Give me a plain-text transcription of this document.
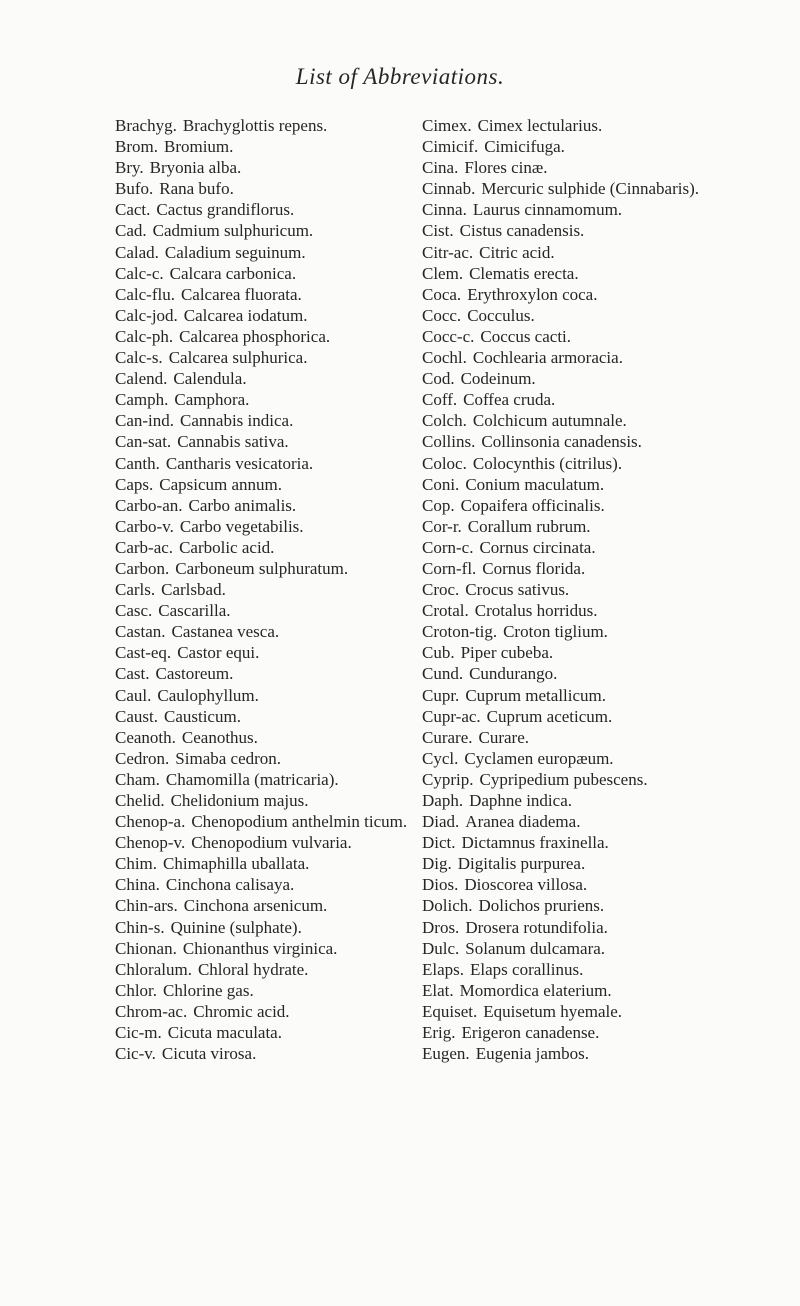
List of Abbreviations.
Brachyg. Brachyglottis repens.
Brom. Bromium.
Bry. Bryonia alba.
Bufo. Rana bufo.
Cact. Cactus grandiflorus.
Cad. Cadmium sulphuricum.
Calad. Caladium seguinum.
Calc-c. Calcara carbonica.
Calc-flu. Calcarea fluorata.
Calc-jod. Calcarea iodatum.
Calc-ph. Calcarea phosphorica.
Calc-s. Calcarea sulphurica.
Calend. Calendula.
Camph. Camphora.
Can-ind. Cannabis indica.
Can-sat. Cannabis sativa.
Canth. Cantharis vesicatoria.
Caps. Capsicum annum.
Carbo-an. Carbo animalis.
Carbo-v. Carbo vegetabilis.
Carb-ac. Carbolic acid.
Carbon. Carboneum sulphuratum.
Carls. Carlsbad.
Casc. Cascarilla.
Castan. Castanea vesca.
Cast-eq. Castor equi.
Cast. Castoreum.
Caul. Caulophyllum.
Caust. Causticum.
Ceanoth. Ceanothus.
Cedron. Simaba cedron.
Cham. Chamomilla (matricaria).
Chelid. Chelidonium majus.
Chenop-a. Chenopodium anthelmin ticum.
Chenop-v. Chenopodium vulvaria.
Chim. Chimaphilla uballata.
China. Cinchona calisaya.
Chin-ars. Cinchona arsenicum.
Chin-s. Quinine (sulphate).
Chionan. Chionanthus virginica.
Chloralum. Chloral hydrate.
Chlor. Chlorine gas.
Chrom-ac. Chromic acid.
Cic-m. Cicuta maculata.
Cic-v. Cicuta virosa.
Cimex. Cimex lectularius.
Cimicif. Cimicifuga.
Cina. Flores cinæ.
Cinnab. Mercuric sulphide (Cinnabaris).
Cinna. Laurus cinnamomum.
Cist. Cistus canadensis.
Citr-ac. Citric acid.
Clem. Clematis erecta.
Coca. Erythroxylon coca.
Cocc. Cocculus.
Cocc-c. Coccus cacti.
Cochl. Cochlearia armoracia.
Cod. Codeinum.
Coff. Coffea cruda.
Colch. Colchicum autumnale.
Collins. Collinsonia canadensis.
Coloc. Colocynthis (citrilus).
Coni. Conium maculatum.
Cop. Copaifera officinalis.
Cor-r. Corallum rubrum.
Corn-c. Cornus circinata.
Corn-fl. Cornus florida.
Croc. Crocus sativus.
Crotal. Crotalus horridus.
Croton-tig. Croton tiglium.
Cub. Piper cubeba.
Cund. Cundurango.
Cupr. Cuprum metallicum.
Cupr-ac. Cuprum aceticum.
Curare. Curare.
Cycl. Cyclamen europæum.
Cyprip. Cypripedium pubescens.
Daph. Daphne indica.
Diad. Aranea diadema.
Dict. Dictamnus fraxinella.
Dig. Digitalis purpurea.
Dios. Dioscorea villosa.
Dolich. Dolichos pruriens.
Dros. Drosera rotundifolia.
Dulc. Solanum dulcamara.
Elaps. Elaps corallinus.
Elat. Momordica elaterium.
Equiset. Equisetum hyemale.
Erig. Erigeron canadense.
Eugen. Eugenia jambos.
